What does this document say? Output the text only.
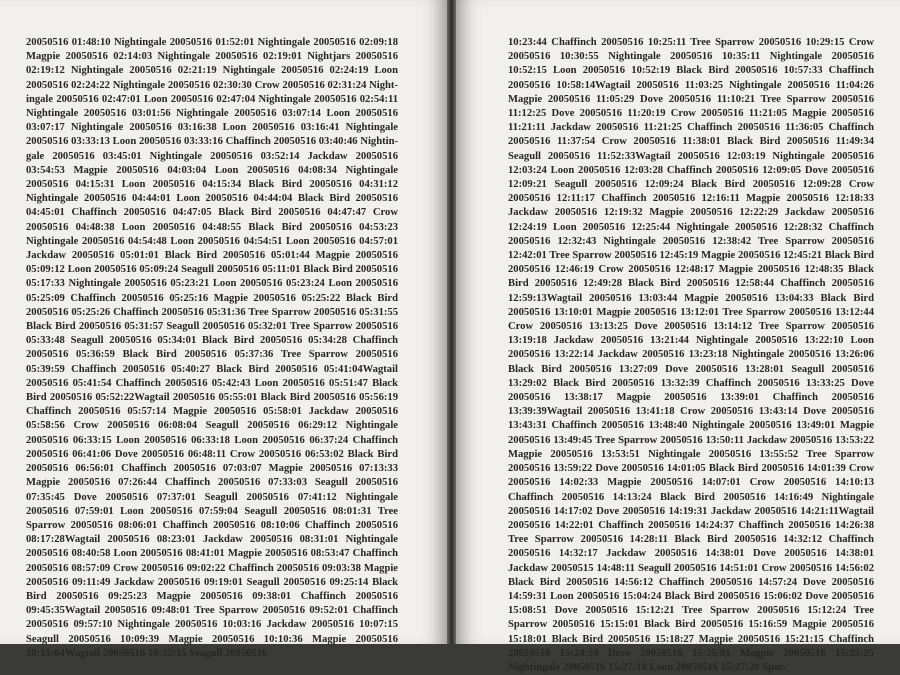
20050516 01:48:10 Nightingale 20050516 01:52:01 Nightingale 20050516 02:09:18 Magpie 20050516 02:14:03 Nightingale 20050516 02:19:01 Nightjars 20050516 02:19:12 Nightingale 20050516 02:21:19 Nightingale 20050516 02:24:19 Loon 20050516 02:24:22 Nightingale 20050516 02:30:30 Crow 20050516 02:31:24 Nightingale 20050516 02:47:01 Loon 20050516 02:47:04 Nightingale 20050516 02:54:11 Nightingale 20050516 03:01:56 Nightingale 20050516 03:07:14 Loon 20050516 03:07:17 Nightingale 20050516 03:16:38 Loon 20050516 03:16:41 Nightingale 20050516 03:33:13 Loon 20050516 03:33:16 Chaffinch 20050516 03:40:46 Nightingale 20050516 03:45:01 Nightingale 20050516 03:52:14 Jackdaw 20050516 03:54:53 Magpie 20050516 04:03:04 Loon 20050516 04:08:34 Nightingale 20050516 04:15:31 Loon 20050516 04:15:34 Black Bird 20050516 04:31:12 Nightingale 20050516 04:44:01 Loon 20050516 04:44:04 Black Bird 20050516 04:45:01 Chaffinch 20050516 04:47:05 Black Bird 20050516 04:47:47 Crow 20050516 04:48:38 Loon 20050516 04:48:55 Black Bird 20050516 04:53:23 Nightingale 20050516 04:54:48 Loon 20050516 04:54:51 Loon 20050516 04:57:01 Jackdaw 20050516 05:01:01 Black Bird 20050516 05:01:44 Magpie 20050516 05:09:12 Loon 20050516 05:09:24 Seagull 20050516 05:11:01 Black Bird 20050516 05:17:33 Nightingale 20050516 05:23:21 Loon 20050516 05:23:24 Loon 20050516 05:25:09 Chaffinch 20050516 05:25:16 Magpie 20050516 05:25:22 Black Bird 20050516 05:25:26 Chaffinch 20050516 05:31:36 Tree Sparrow 20050516 05:31:55 Black Bird 20050516 05:31:57 Seagull 20050516 05:32:01 Tree Sparrow 20050516 05:33:48 Seagull 20050516 05:34:01 Black Bird 20050516 05:34:28 Chaffinch 20050516 05:36:59 Black Bird 20050516 05:37:36 Tree Sparrow 20050516 05:39:59 Chaffinch 20050516 05:40:27 Black Bird 20050516 05:41:04Wagtail 20050516 05:41:54 Chaffinch 20050516 05:42:43 Loon 20050516 05:51:47 Black Bird 20050516 05:52:22Wagtail 20050516 05:55:01 Black Bird 20050516 05:56:19 Chaffinch 20050516 05:57:14 Magpie 20050516 05:58:01 Jackdaw 20050516 05:58:56 Crow 20050516 06:08:04 Seagull 20050516 06:29:12 Nightingale 20050516 06:33:15 Loon 20050516 06:33:18 Loon 20050516 06:37:24 Chaffinch 20050516 06:41:06 Dove 20050516 06:48:11 Crow 20050516 06:53:02 Black Bird 20050516 06:56:01 Chaffinch 20050516 07:03:07 Magpie 20050516 07:13:33 Magpie 20050516 07:26:44 Chaffinch 20050516 07:33:03 Seagull 20050516 07:35:45 Dove 20050516 07:37:01 Seagull 20050516 07:41:12 Nightingale 20050516 07:59:01 Loon 20050516 07:59:04 Seagull 20050516 08:01:31 Tree Sparrow 20050516 08:06:01 Chaffinch 20050516 08:10:06 Chaffinch 20050516 08:17:28Wagtail 20050516 08:23:01 Jackdaw 20050516 08:31:01 Nightingale 20050516 08:40:58 Loon 20050516 08:41:01 Magpie 20050516 08:53:47 Chaffinch 20050516 08:57:09 Crow 20050516 09:02:22 Chaffinch 20050516 09:03:38 Magpie 20050516 09:11:49 Jackdaw 20050516 09:19:01 Seagull 20050516 09:25:14 Black Bird 20050516 09:25:23 Magpie 20050516 09:38:01 Chaffinch 20050516 09:45:35Wagtail 20050516 09:48:01 Tree Sparrow 20050516 09:52:01 Chaffinch 20050516 09:57:10 Nightingale 20050516 10:03:16 Jackdaw 20050516 10:07:15 Seagull 20050516 10:09:39 Magpie 20050516 10:10:36 Magpie 20050516 10:15:04Wagtail 20050516 10:22:15 Seagull 20050516
10:23:44 Chaffinch 20050516 10:25:11 Tree Sparrow 20050516 10:29:15 Crow 20050516 10:30:55 Nightingale 20050516 10:35:11 Nightingale 20050516 10:52:15 Loon 20050516 10:52:19 Black Bird 20050516 10:57:33 Chaffinch 20050516 10:58:14Wagtail 20050516 11:03:25 Nightingale 20050516 11:04:26 Magpie 20050516 11:05:29 Dove 20050516 11:10:21 Tree Sparrow 20050516 11:12:25 Dove 20050516 11:20:19 Crow 20050516 11:21:05 Magpie 20050516 11:21:11 Jackdaw 20050516 11:21:25 Chaffinch 20050516 11:36:05 Chaffinch 20050516 11:37:54 Crow 20050516 11:38:01 Black Bird 20050516 11:49:34 Seagull 20050516 11:52:33Wagtail 20050516 12:03:19 Nightingale 20050516 12:03:24 Loon 20050516 12:03:28 Chaffinch 20050516 12:09:05 Dove 20050516 12:09:21 Seagull 20050516 12:09:24 Black Bird 20050516 12:09:28 Crow 20050516 12:11:17 Chaffinch 20050516 12:16:11 Magpie 20050516 12:18:33 Jackdaw 20050516 12:19:32 Magpie 20050516 12:22:29 Jackdaw 20050516 12:24:19 Loon 20050516 12:25:44 Nightingale 20050516 12:28:32 Chaffinch 20050516 12:32:43 Nightingale 20050516 12:38:42 Tree Sparrow 20050516 12:42:01 Tree Sparrow 20050516 12:45:19 Magpie 20050516 12:45:21 Black Bird 20050516 12:46:19 Crow 20050516 12:48:17 Magpie 20050516 12:48:35 Black Bird 20050516 12:49:28 Black Bird 20050516 12:58:44 Chaffinch 20050516 12:59:13Wagtail 20050516 13:03:44 Magpie 20050516 13:04:33 Black Bird 20050516 13:10:01 Magpie 20050516 13:12:01 Tree Sparrow 20050516 13:12:44 Crow 20050516 13:13:25 Dove 20050516 13:14:12 Tree Sparrow 20050516 13:19:18 Jackdaw 20050516 13:21:44 Nightingale 20050516 13:22:10 Loon 20050516 13:22:14 Jackdaw 20050516 13:23:18 Nightingale 20050516 13:26:06 Black Bird 20050516 13:27:09 Dove 20050516 13:28:01 Seagull 20050516 13:29:02 Black Bird 20050516 13:32:39 Chaffinch 20050516 13:33:25 Dove 20050516 13:38:17 Magpie 20050516 13:39:01 Chaffinch 20050516 13:39:39Wagtail 20050516 13:41:18 Crow 20050516 13:43:14 Dove 20050516 13:43:31 Chaffinch 20050516 13:48:40 Nightingale 20050516 13:49:01 Magpie 20050516 13:49:45 Tree Sparrow 20050516 13:50:11 Jackdaw 20050516 13:53:22 Magpie 20050516 13:53:51 Nightingale 20050516 13:55:52 Tree Sparrow 20050516 13:59:22 Dove 20050516 14:01:05 Black Bird 20050516 14:01:39 Crow 20050516 14:02:33 Magpie 20050516 14:07:01 Crow 20050516 14:10:13 Chaffinch 20050516 14:13:24 Black Bird 20050516 14:16:49 Nightingale 20050516 14:17:02 Dove 20050516 14:19:31 Jackdaw 20050516 14:21:11Wagtail 20050516 14:22:01 Chaffinch 20050516 14:24:37 Chaffinch 20050516 14:26:38 Tree Sparrow 20050516 14:28:11 Black Bird 20050516 14:32:12 Chaffinch 20050516 14:32:17 Jackdaw 20050516 14:38:01 Dove 20050516 14:38:01 Jackdaw 20050515 14:48:11 Seagull 20050516 14:51:01 Crow 20050516 14:56:02 Black Bird 20050516 14:56:12 Chaffinch 20050516 14:57:24 Dove 20050516 14:59:31 Loon 20050516 15:04:24 Black Bird 20050516 15:06:02 Dove 20050516 15:08:51 Dove 20050516 15:12:21 Tree Sparrow 20050516 15:12:24 Tree Sparrow 20050516 15:15:01 Black Bird 20050516 15:16:59 Magpie 20050516 15:18:01 Black Bird 20050516 15:18:27 Magpie 20050516 15:21:15 Chaffinch 20050516 15:24:24 Dove 20050516 15:25:01 Magpie 20050516 15:25:25 Nightingale 20050516 15:27:18 Loon 20050516 15:27:20 Spar-
